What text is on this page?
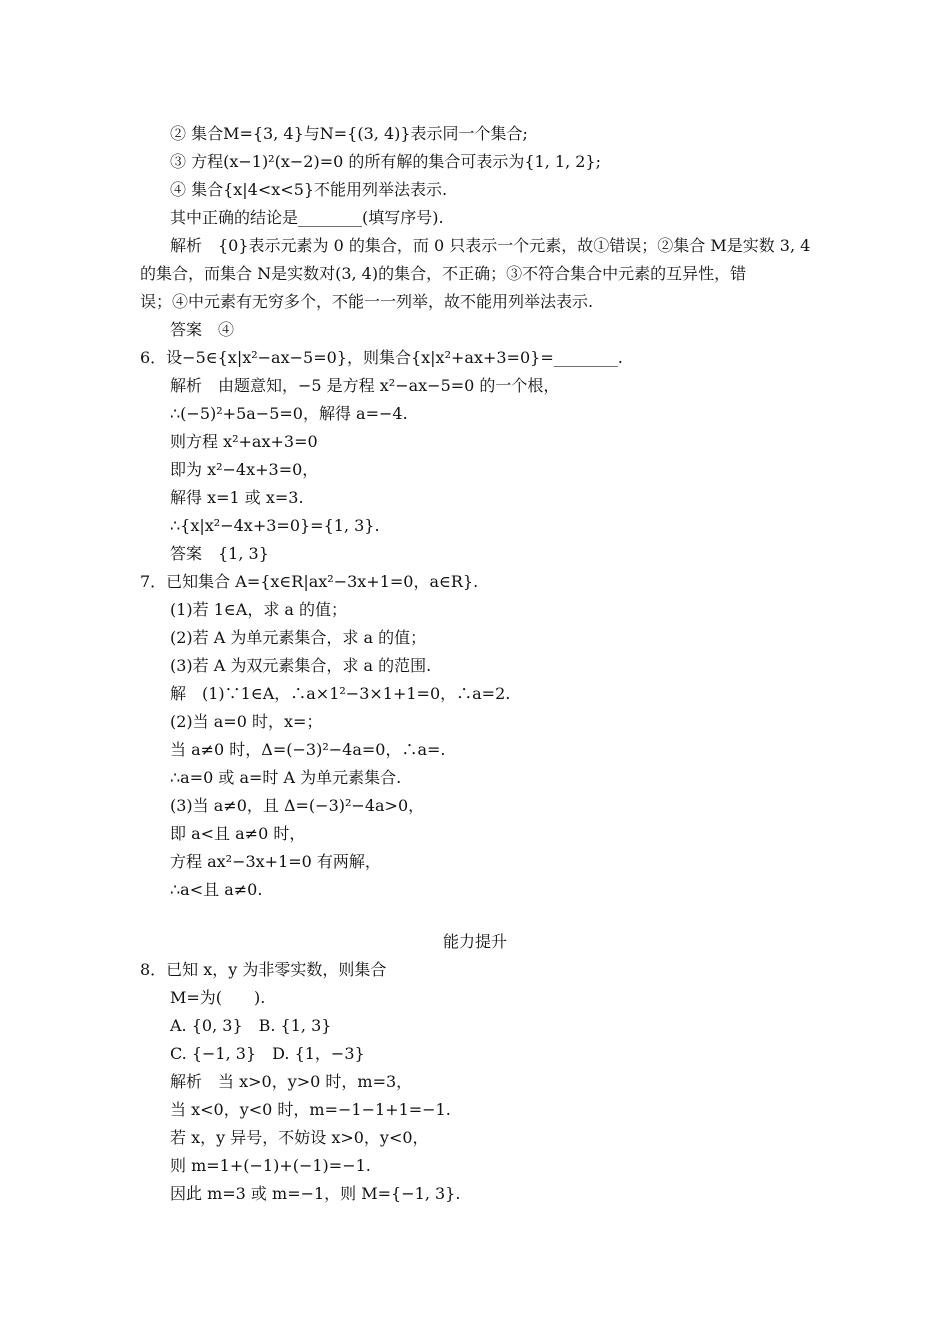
② 集合M={3, 4}与N={(3, 4)}表示同一个集合;
③ 方程(x−1)²(x−2)=0 的所有解的集合可表示为{1, 1, 2};
④ 集合{x|4<x<5}不能用列举法表示.
其中正确的结论是________(填写序号).
解析　{0}表示元素为 0 的集合，而 0 只表示一个元素，故①错误；②集合 M是实数 3, 4
的集合，而集合 N是实数对(3, 4)的集合，不正确；③不符合集合中元素的互异性，错
误；④中元素有无穷多个，不能一一列举，故不能用列举法表示.
答案　④
6．设−5∈{x|x²−ax−5=0}，则集合{x|x²+ax+3=0}=________.
解析　由题意知，−5 是方程 x²−ax−5=0 的一个根，
∴(−5)²+5a−5=0，解得 a=−4.
则方程 x²+ax+3=0
即为 x²−4x+3=0，
解得 x=1 或 x=3.
∴{x|x²−4x+3=0}={1, 3}.
答案　{1, 3}
7．已知集合 A={x∈R|ax²−3x+1=0，a∈R}.
(1)若 1∈A，求 a 的值；
(2)若 A 为单元素集合，求 a 的值；
(3)若 A 为双元素集合，求 a 的范围.
解　(1)∵1∈A，∴a×1²−3×1+1=0，∴a=2.
(2)当 a=0 时，x=；
当 a≠0 时，Δ=(−3)²−4a=0，∴a=.
∴a=0 或 a=时 A 为单元素集合.
(3)当 a≠0，且 Δ=(−3)²−4a>0，
即 a<且 a≠0 时，
方程 ax²−3x+1=0 有两解，
∴a<且 a≠0.
能力提升
8．已知 x，y 为非零实数，则集合
M=为(　　).
A. {0, 3}　B. {1, 3}
C. {−1, 3}　D. {1，−3}
解析　当 x>0，y>0 时，m=3，
当 x<0，y<0 时，m=−1−1+1=−1.
若 x，y 异号，不妨设 x>0，y<0，
则 m=1+(−1)+(−1)=−1.
因此 m=3 或 m=−1，则 M={−1, 3}.
